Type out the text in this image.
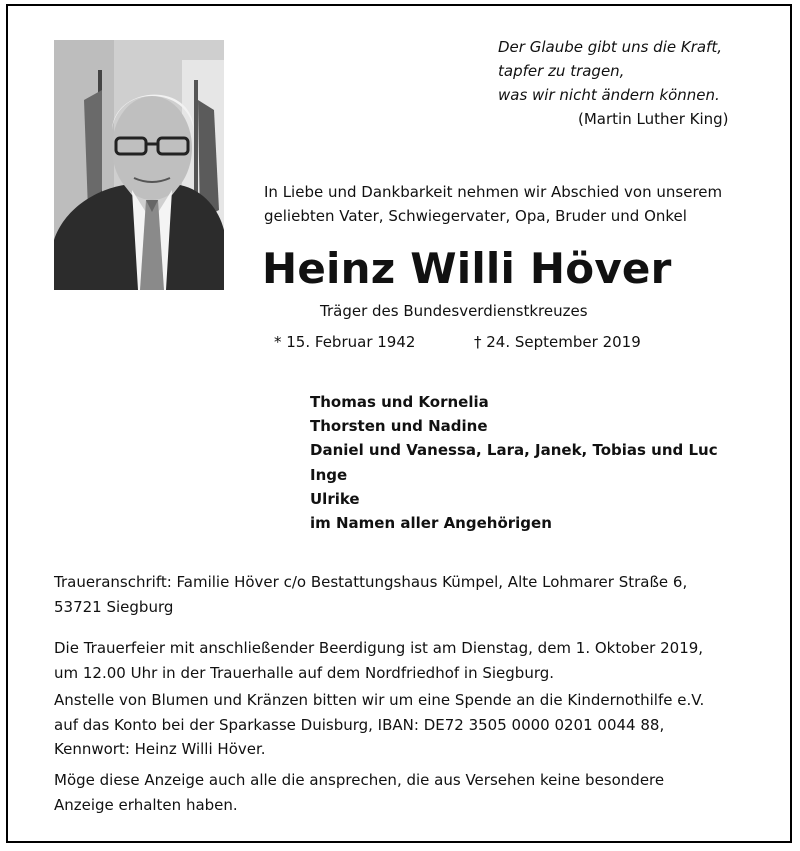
Der Glaube gibt uns die Kraft,
tapfer zu tragen,
was wir nicht ändern können.
(Martin Luther King)
In Liebe und Dankbarkeit nehmen wir Abschied von unserem
geliebten Vater, Schwiegervater, Opa, Bruder und Onkel
Heinz Willi Höver
Träger des Bundesverdienstkreuzes
* 15. Februar 1942	† 24. September 2019
Thomas und Kornelia
Thorsten und Nadine
Daniel und Vanessa, Lara, Janek, Tobias und Luc
Inge
Ulrike
im Namen aller Angehörigen
Traueranschrift: Familie Höver c/o Bestattungshaus Kümpel, Alte Lohmarer Straße 6,
53721 Siegburg
Die Trauerfeier mit anschließender Beerdigung ist am Dienstag, dem 1. Oktober 2019,
um 12.00 Uhr in der Trauerhalle auf dem Nordfriedhof in Siegburg.
Anstelle von Blumen und Kränzen bitten wir um eine Spende an die Kindernothilfe e.V.
auf das Konto bei der Sparkasse Duisburg, IBAN: DE72 3505 0000 0201 0044 88,
Kennwort: Heinz Willi Höver.
Möge diese Anzeige auch alle die ansprechen, die aus Versehen keine besondere
Anzeige erhalten haben.
